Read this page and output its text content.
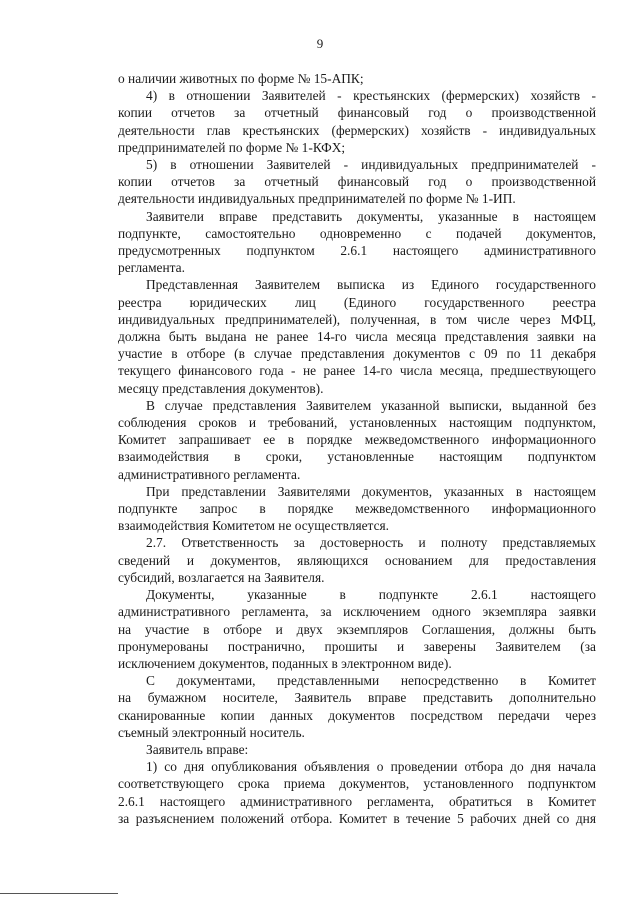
9

о наличии животных по форме № 15-АПК;

4) в отношении Заявителей - крестьянских (фермерских) хозяйств -
копии отчетов за отчетный финансовый год о производственной
деятельности глав крестьянских (фермерских) хозяйств - индивидуальных
предпринимателей по форме № 1-КФХ;

5) в отношении Заявителей - индивидуальных предпринимателей -
копии отчетов за отчетный финансовый год о производственной
деятельности индивидуальных предпринимателей по форме № 1-ИП.

Заявители вправе представить документы, указанные в настоящем
подпункте, самостоятельно одновременно с подачей документов,
предусмотренных подпунктом 2.6.1 настоящего административного
регламента.

Представленная Заявителем выписка из Единого государственного
реестра юридических лиц (Единого государственного реестра
индивидуальных предпринимателей), полученная, в том числе через МФЦ,
должна быть выдана не ранее 14-го числа месяца представления заявки на
участие в отборе (в случае представления документов с 09 по 11 декабря
текущего финансового года - не ранее 14-го числа месяца, предшествующего
месяцу представления документов).

В случае представления Заявителем указанной выписки, выданной без
соблюдения сроков и требований, установленных настоящим подпунктом,
Комитет запрашивает ее в порядке межведомственного информационного
взаимодействия в сроки, установленные настоящим подпунктом
административного регламента.

При представлении Заявителями документов, указанных в настоящем
подпункте запрос в порядке межведомственного информационного
взаимодействия Комитетом не осуществляется.

2.7. Ответственность за достоверность и полноту представляемых
сведений и документов, являющихся основанием для предоставления
субсидий, возлагается на Заявителя.

Документы, указанные в подпункте 2.6.1 настоящего
административного регламента, за исключением одного экземпляра заявки
на участие в отборе и двух экземпляров Соглашения, должны быть
пронумерованы постранично, прошиты и заверены Заявителем (за
исключением документов, поданных в электронном виде).

С документами, представленными непосредственно в Комитет
на бумажном носителе, Заявитель вправе представить дополнительно
сканированные копии данных документов посредством передачи через
съемный электронный носитель.

Заявитель вправе:

1) со дня опубликования объявления о проведении отбора до дня начала
соответствующего срока приема документов, установленного подпунктом
2.6.1 настоящего административного регламента, обратиться в Комитет
за разъяснением положений отбора. Комитет в течение 5 рабочих дней со дня
